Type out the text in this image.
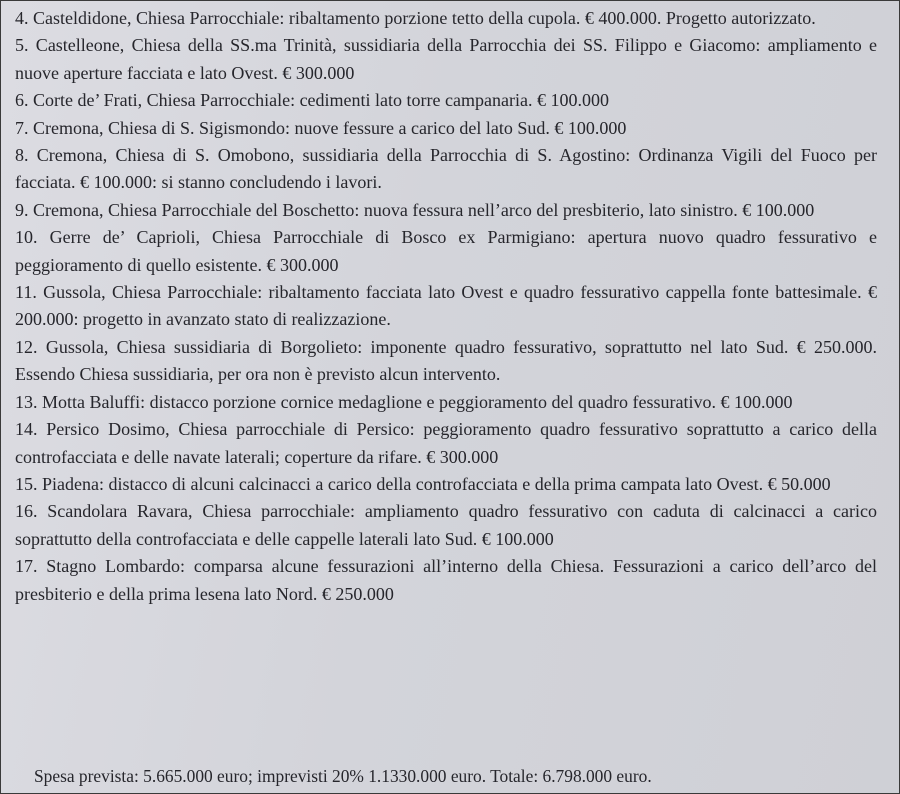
4. Casteldidone, Chiesa Parrocchiale: ribaltamento porzione tetto della cupola. € 400.000. Progetto autorizzato.

5. Castelleone, Chiesa della SS.ma Trinità, sussidiaria della Parrocchia dei SS. Filippo e Giacomo: ampliamento e nuove aperture facciata e lato Ovest. € 300.000

6. Corte de’ Frati, Chiesa Parrocchiale: cedimenti lato torre campanaria. € 100.000

7. Cremona, Chiesa di S. Sigismondo: nuove fessure a carico del lato Sud. € 100.000

8. Cremona, Chiesa di S. Omobono, sussidiaria della Parrocchia di S. Agostino: Ordinanza Vigili del Fuoco per facciata. € 100.000: si stanno concludendo i lavori.

9. Cremona, Chiesa Parrocchiale del Boschetto: nuova fessura nell’arco del presbiterio, lato sinistro. € 100.000

10. Gerre de’ Caprioli, Chiesa Parrocchiale di Bosco ex Parmigiano: apertura nuovo quadro fessurativo e peggioramento di quello esistente. € 300.000

11. Gussola, Chiesa Parrocchiale: ribaltamento facciata lato Ovest e quadro fessurativo cappella fonte battesimale. € 200.000: progetto in avanzato stato di realizzazione.

12. Gussola, Chiesa sussidiaria di Borgolieto: imponente quadro fessurativo, soprattutto nel lato Sud. € 250.000. Essendo Chiesa sussidiaria, per ora non è previsto alcun intervento.

13. Motta Baluffi: distacco porzione cornice medaglione e peggioramento del quadro fessurativo. € 100.000

14. Persico Dosimo, Chiesa parrocchiale di Persico: peggioramento quadro fessurativo soprattutto a carico della controfacciata e delle navate laterali; coperture da rifare. € 300.000

15. Piadena: distacco di alcuni calcinacci a carico della controfacciata e della prima campata lato Ovest. € 50.000

16. Scandolara Ravara, Chiesa parrocchiale: ampliamento quadro fessurativo con caduta di calcinacci a carico soprattutto della controfacciata e delle cappelle laterali lato Sud. € 100.000

17. Stagno Lombardo: comparsa alcune fessurazioni all’interno della Chiesa. Fessurazioni a carico dell’arco del presbiterio e della prima lesena lato Nord. € 250.000

Spesa prevista: 5.665.000 euro; imprevisti 20% 1.1330.000 euro. Totale: 6.798.000 euro.
